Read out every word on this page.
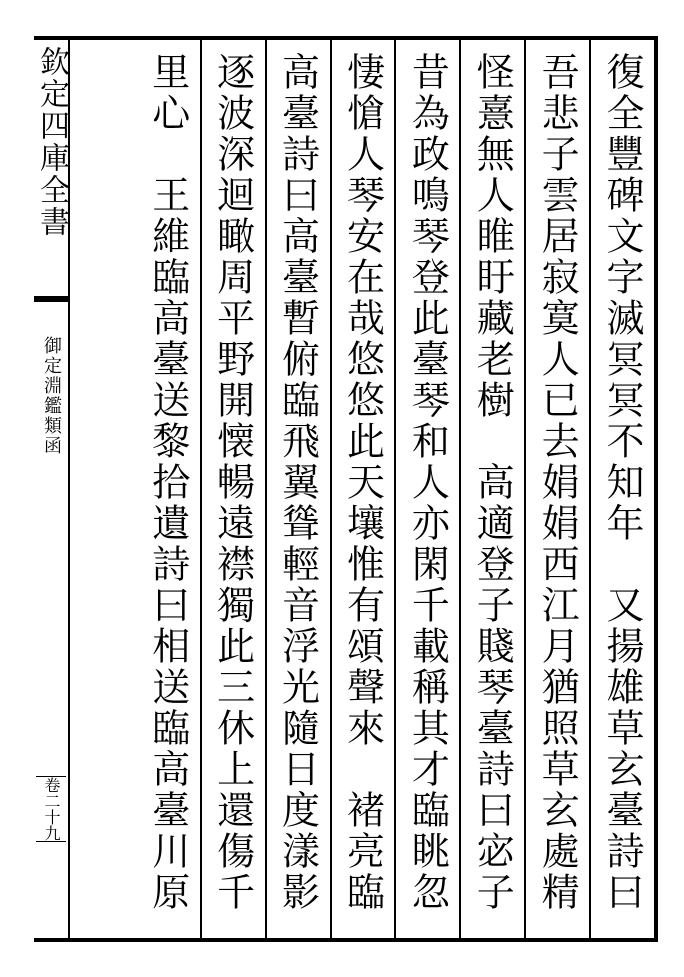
欽定四庫全書
御定淵鑑類函
卷二十九	復全豐碑文字滅冥冥不知年　又揚雄草玄臺詩曰
吾悲子雲居寂寞人已去娟娟西江月猶照草玄處精
怪憙無人睢盱藏老樹　高適登子賤琴臺詩曰宓子
昔為政鳴琴登此臺琴和人亦閑千載稱其才臨眺忽
悽愴人琴安在哉悠悠此天壤惟有頌聲來　褚亮臨
高臺詩曰高臺暫俯臨飛翼聳輕音浮光隨日度漾影
逐波深迴瞰周平野開懐暢遠襟獨此三休上還傷千
里心　王維臨高臺送黎拾遺詩曰相送臨高臺川原
